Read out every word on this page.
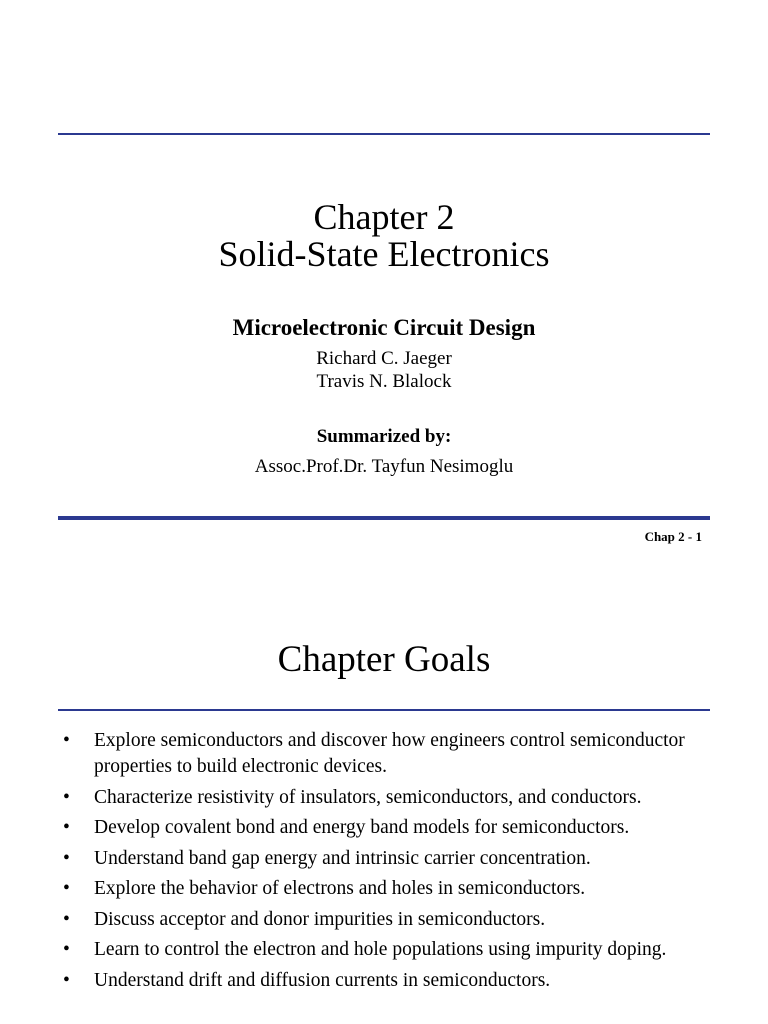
Chapter 2
Solid-State Electronics
Microelectronic Circuit Design
Richard C. Jaeger
Travis N. Blalock
Summarized by:
Assoc.Prof.Dr. Tayfun Nesimoglu
Chap 2 - 1
Chapter Goals
• Explore semiconductors and discover how engineers control semiconductor properties to build electronic devices.
• Characterize resistivity of insulators, semiconductors, and conductors.
• Develop covalent bond and energy band models for semiconductors.
• Understand band gap energy and intrinsic carrier concentration.
• Explore the behavior of electrons and holes in semiconductors.
• Discuss acceptor and donor impurities in semiconductors.
• Learn to control the electron and hole populations using impurity doping.
• Understand drift and diffusion currents in semiconductors.
